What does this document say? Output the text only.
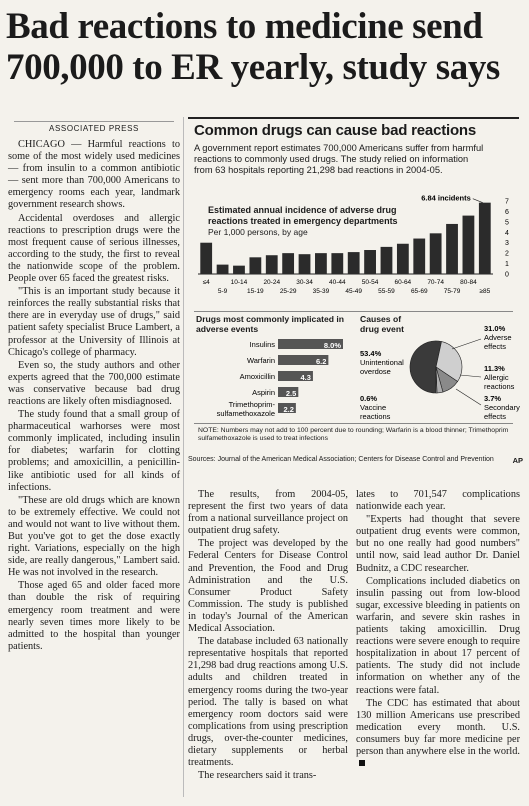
Bad reactions to medicine send
700,000 to ER yearly, study says
ASSOCIATED PRESS

CHICAGO — Harmful reactions to some of the most widely used medicines — from insulin to a common antibiotic — sent more than 700,000 Americans to emergency rooms each year, landmark government research shows.

Accidental overdoses and allergic reactions to prescription drugs were the most frequent cause of serious illnesses, according to the study, the first to reveal the nationwide scope of the problem. People over 65 faced the greatest risks.

"This is an important study because it reinforces the really substantial risks that there are in everyday use of drugs," said patient safety specialist Bruce Lambert, a professor at the University of Illinois at Chicago's college of pharmacy.

Even so, the study authors and other experts agreed that the 700,000 estimate was conservative because bad drug reactions are likely often misdiagnosed.

The study found that a small group of pharmaceutical warhorses were most commonly implicated, including insulin for diabetes; warfarin for clotting problems; and amoxicillin, a penicillin-like antibiotic used for all kinds of infections.

"These are old drugs which are known to be extremely effective. We could not and would not want to live without them. But you've got to get the dose exactly right. Variations, especially on the high side, are really dangerous," Lambert said. He was not involved in the research.

Those aged 65 and older faced more than double the risk of requiring emergency room treatment and were nearly seven times more likely to be admitted to the hospital than younger patients.

Common drugs can cause bad reactions
A government report estimates 700,000 Americans suffer from harmful reactions to commonly used drugs. The study relied on information from 63 hospitals reporting 21,298 bad reactions in 2004-05.
≤4
5-9
10-14
15-19
20-24
25-29
30-34
35-39
40-44
45-49
50-54
55-59
60-64
65-69
70-74
75-79
80-84
≥85
0
1
2
3
4
5
6
7
6.84 incidents
Estimated annual incidence of adverse drug reactions treated in emergency departments
Per 1,000 persons, by age
Drugs most commonly implicated in adverse events
Insulins	8.0%
Warfarin	6.2
Amoxicillin	4.3
Aspirin 2.5
Trimethoprim-
sulfamethoxazole 2.2
Causes of drug event
53.4%
Unintentional
overdose
31.0%
Adverse
effects
11.3%
Allergic
reactions
3.7%
Secondary
effects
0.6%
Vaccine
reactions
NOTE: Numbers may not add to 100 percent due to rounding; Warfarin is a blood thinner; Trimethoprim sulfamethoxazole is used to treat infections
Sources: Journal of the American Medical Association; Centers for Disease Control and Prevention	AP

The results, from 2004-05, represent the first two years of data from a national surveillance project on outpatient drug safety.

The project was developed by the Federal Centers for Disease Control and Prevention, the Food and Drug Administration and the U.S. Consumer Product Safety Commission. The study is published in today's Journal of the American Medical Association.

The database included 63 nationally representative hospitals that reported 21,298 bad drug reactions among U.S. adults and children treated in emergency rooms during the two-year period. The tally is based on what emergency room doctors said were complications from using prescription drugs, over-the-counter medicines, dietary supplements or herbal treatments.

The researchers said it trans-

lates to 701,547 complications nationwide each year.

"Experts had thought that severe outpatient drug events were common, but no one really had good numbers" until now, said lead author Dr. Daniel Budnitz, a CDC researcher.

Complications included diabetics on insulin passing out from low-blood sugar, excessive bleeding in patients on warfarin, and severe skin rashes in patients taking amoxicillin. Drug reactions were severe enough to require hospitalization in about 17 percent of patients. The study did not include information on whether any of the reactions were fatal.

The CDC has estimated that about 130 million Americans use prescribed medication every month. U.S. consumers buy far more medicine per person than anywhere else in the world.
